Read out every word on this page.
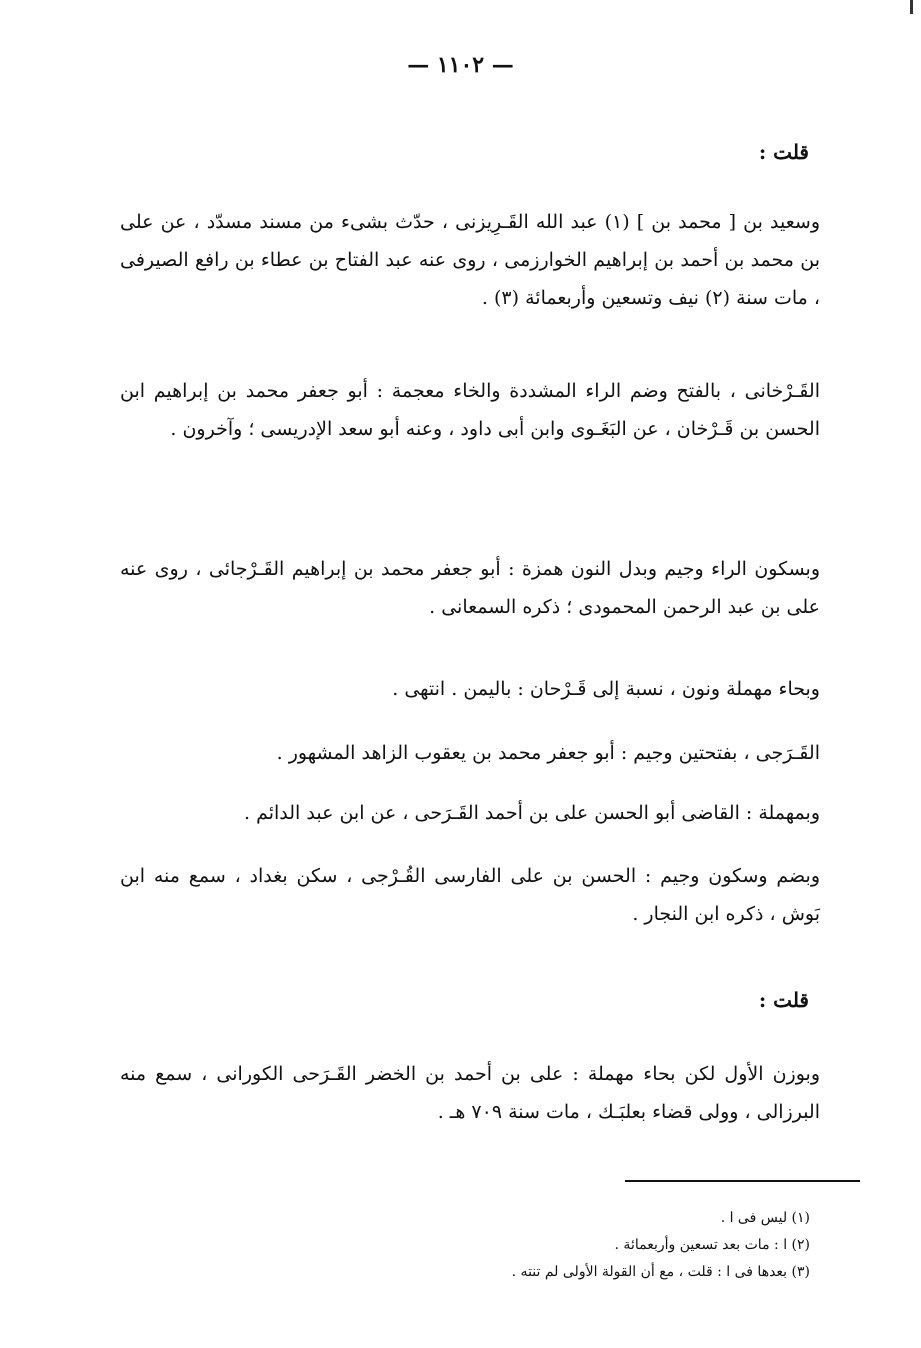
— ۱۱۰۲ —
قلت :
وسعيد بن [ محمد بن ] (۱) عبد الله القَـرِيزنى ، حدّث بشىء من مسند مسدّد ، عن على بن محمد بن أحمد بن إبراهيم الخوارزمى ، روى عنه عبد الفتاح بن عطاء بن رافع الصيرفى ، مات سنة (۲) نيف وتسعين وأربعمائة (۳) .
القَـرْخانى ، بالفتح وضم الراء المشددة والخاء معجمة : أبو جعفر محمد بن إبراهيم ابن الحسن بن قَـرْخان ، عن البَغَـوى وابن أبى داود ، وعنه أبو سعد الإدريسى ؛ وآخرون .
وبسكون الراء وجيم وبدل النون همزة : أبو جعفر محمد بن إبراهيم القَـرْجائى ، روى عنه على بن عبد الرحمن المحمودى ؛ ذكره السمعانى .
وبحاء مهملة ونون ، نسبة إلى قَـرْحان : باليمن . انتهى .
القَـرَجى ، بفتحتين وجيم : أبو جعفر محمد بن يعقوب الزاهد المشهور .
وبمهملة : القاضى أبو الحسن على بن أحمد القَـرَحى ، عن ابن عبد الدائم .
وبضم وسكون وجيم : الحسن بن على الفارسى القُـرْجى ، سكن بغداد ، سمع منه ابن بَوش ، ذكره ابن النجار .
قلت :
وبوزن الأول لكن بحاء مهملة : على بن أحمد بن الخضر القَـرَحى الكورانى ، سمع منه البرزالى ، وولى قضاء بعلبَـك ، مات سنة ۷۰۹ هـ .
(۱) ليس فى ا .
(۲) ا : مات بعد تسعين وأربعمائة .
(۳) بعدها فى ا : قلت ، مع أن القولة الأولى لم تنته .
